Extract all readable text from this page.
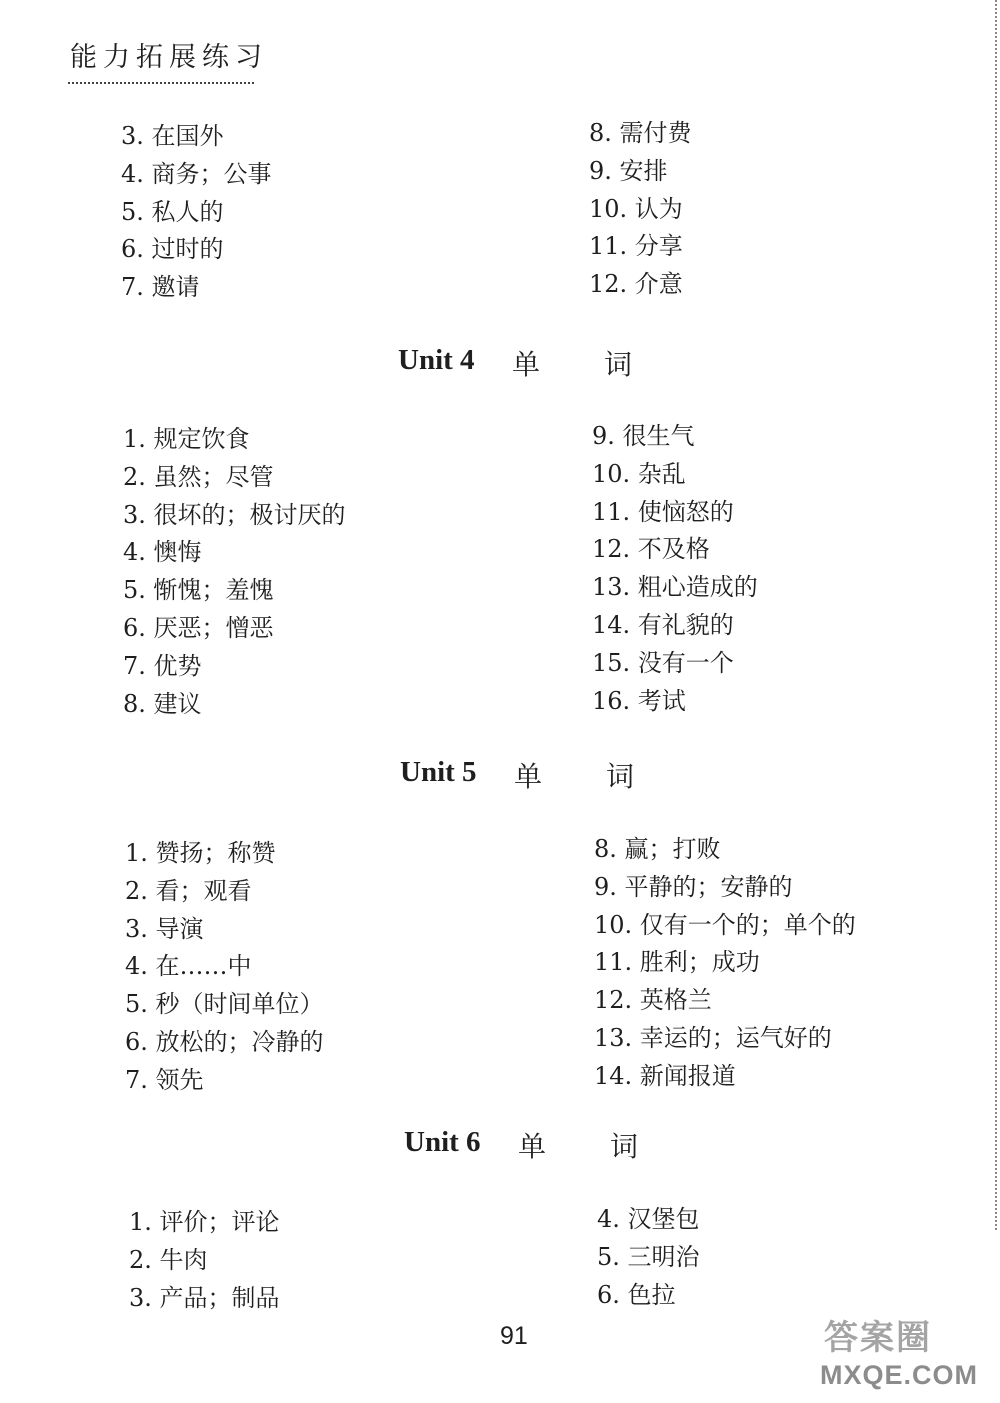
能力拓展练习
3. 在国外
4. 商务；公事
5. 私人的
6. 过时的
7. 邀请
8. 需付费
9. 安排
10. 认为
11. 分享
12. 介意
Unit 4 单 词
1. 规定饮食
2. 虽然；尽管
3. 很坏的；极讨厌的
4. 懊悔
5. 惭愧；羞愧
6. 厌恶；憎恶
7. 优势
8. 建议
9. 很生气
10. 杂乱
11. 使恼怒的
12. 不及格
13. 粗心造成的
14. 有礼貌的
15. 没有一个
16. 考试
Unit 5 单 词
1. 赞扬；称赞
2. 看；观看
3. 导演
4. 在……中
5. 秒（时间单位）
6. 放松的；冷静的
7. 领先
8. 赢；打败
9. 平静的；安静的
10. 仅有一个的；单个的
11. 胜利；成功
12. 英格兰
13. 幸运的；运气好的
14. 新闻报道
Unit 6 单 词
1. 评价；评论
2. 牛肉
3. 产品；制品
4. 汉堡包
5. 三明治
6. 色拉
91	答案圈
MXQE.COM
